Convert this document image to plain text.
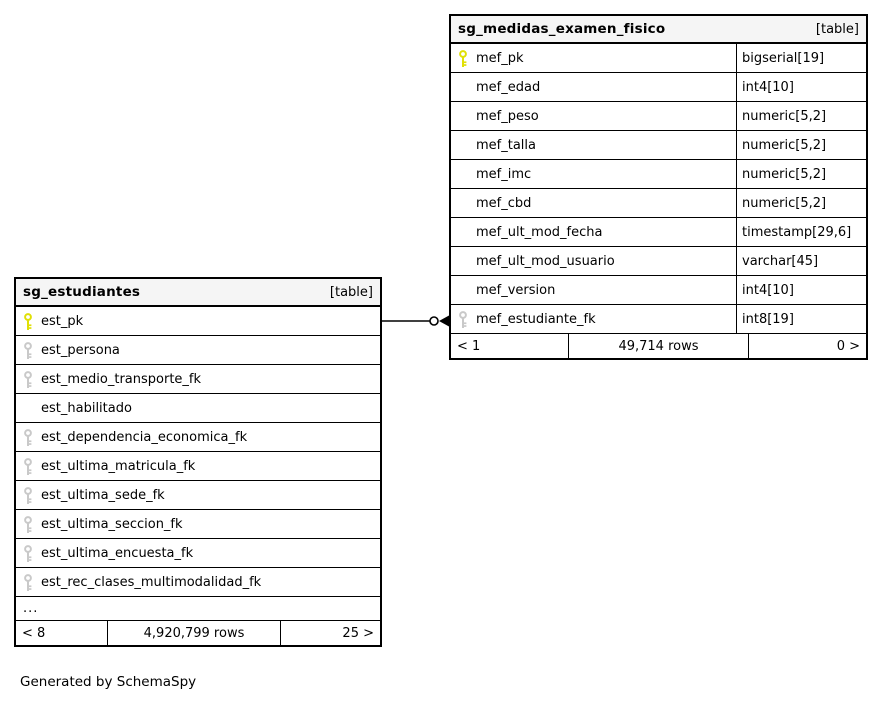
sg_estudiantes	[table]
est_pk
est_persona
est_medio_transporte_fk
est_habilitado
est_dependencia_economica_fk
est_ultima_matricula_fk
est_ultima_sede_fk
est_ultima_seccion_fk
est_ultima_encuesta_fk
est_rec_clases_multimodalidad_fk
...
< 8	4,920,799 rows	25 >
sg_medidas_examen_fisico	[table]
mef_pk	bigserial[19]
mef_edad	int4[10]
mef_peso	numeric[5,2]
mef_talla	numeric[5,2]
mef_imc	numeric[5,2]
mef_cbd	numeric[5,2]
mef_ult_mod_fecha	timestamp[29,6]
mef_ult_mod_usuario	varchar[45]
mef_version	int4[10]
mef_estudiante_fk	int8[19]
< 1	49,714 rows	0 >
Generated by SchemaSpy
